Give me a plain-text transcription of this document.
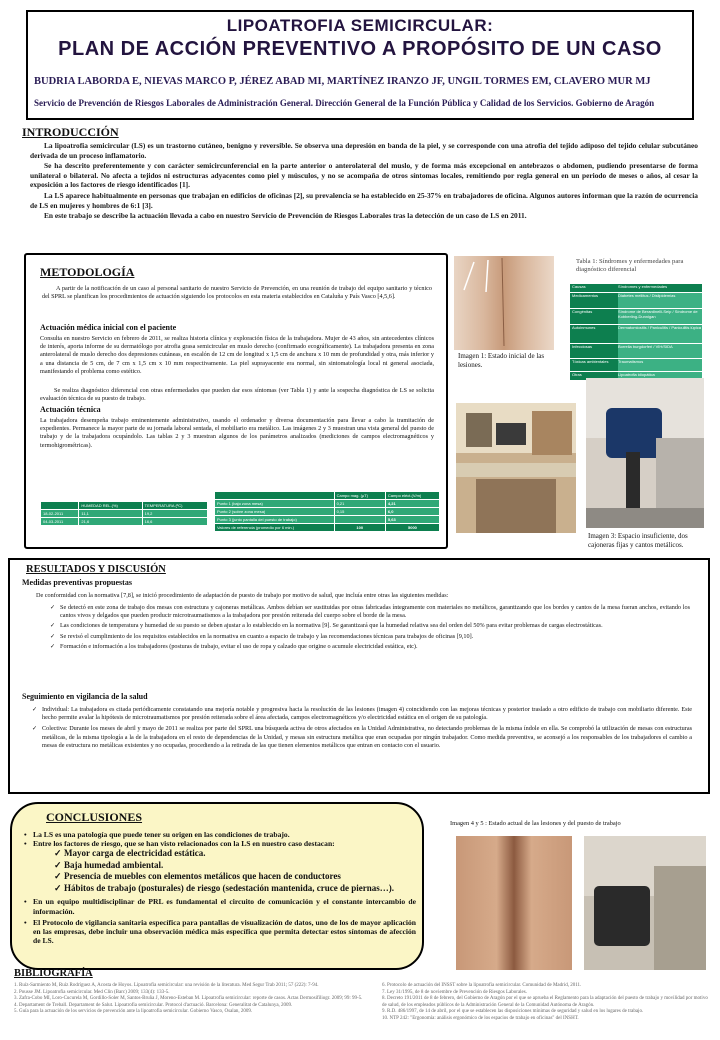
LIPOATROFIA SEMICIRCULAR:
PLAN DE ACCIÓN PREVENTIVO A PROPÓSITO DE UN CASO
BUDRIA LABORDA E, NIEVAS MARCO P, JÉREZ ABAD MI, MARTÍNEZ IRANZO JF, UNGIL TORMES EM, CLAVERO MUR MJ
Servicio de Prevención de Riesgos Laborales de Administración General. Dirección General de la Función Pública y Calidad de los Servicios. Gobierno de Aragón
INTRODUCCIÓN

La lipoatrofia semicircular (LS) es un trastorno cutáneo, benigno y reversible. Se observa una depresión en banda de la piel, y se corresponde con una atrofia del tejido adiposo del tejido celular subcutáneo derivada de un proceso inflamatorio.

Se ha descrito preferentemente y con carácter semicircunferencial en la parte anterior o anterolateral del muslo, y de forma más excepcional en antebrazos o abdomen, pudiendo presentarse de forma unilateral o bilateral. No afecta a tejidos ni estructuras adyacentes como piel y músculos, y no se acompaña de otros síntomas locales, remitiendo por regla general en un periodo de meses o años, al cesar la exposición a los factores de riesgo identificados [1].

La LS aparece habitualmente en personas que trabajan en edificios de oficinas [2], su prevalencia se ha establecido en 25-37% en trabajadores de oficina. Algunos autores informan que la razón de ocurrencia de LS en mujeres y hombres de 6:1 [3].

En este trabajo se describe la actuación llevada a cabo en nuestro Servicio de Prevención de Riesgos Laborales tras la detección de un caso de LS en 2011.

METODOLOGÍA
A partir de la notificación de un caso al personal sanitario de nuestro Servicio de Prevención, en una reunión de trabajo del equipo sanitario y técnico del SPRL se planifican los procedimientos de actuación siguiendo los protocolos en esta materia establecidos en Cataluña y País Vasco [4,5,6].
Actuación médica inicial con el paciente
Consulta en nuestro Servicio en febrero de 2011, se realiza historia clínica y exploración física de la trabajadora. Mujer de 43 años, sin antecedentes clínicos de interés, aporta informe de su dermatólogo por atrofia grasa semicircular en muslo derecho (confirmado ecográficamente). La trabajadora presenta en zona anterolateral de muslo derecho dos depresiones cutáneas, en escalón de 12 cm de longitud x 1,5 cm de anchura x 10 mm de profundidad y otra, más inferior y a una distancia de 5 cm, de 7 cm x 1,5 cm x 10 mm respectivamente. La piel suprayacente era normal, sin sintomatología local ni general asociada, manifestando el problema como estético.
Se realiza diagnóstico diferencial con otras enfermedades que pueden dar esos síntomas (ver Tabla 1) y ante la sospecha diagnóstica de LS se solicita evaluación técnica de su puesto de trabajo.
Actuación técnica
La trabajadora desempeña trabajo eminentemente administrativo, usando el ordenador y diversa documentación para llevar a cabo la tramitación de expedientes. Permanece la mayor parte de su jornada laboral sentada, el mobiliario era metálico. Las imágenes 2 y 3 muestran una vista general del puesto de trabajo y de la trabajadora ocupándolo. Las tablas 2 y 3 muestran algunos de los parámetros analizados (mediciones de campos electromagnéticos y termohigrométricas).
	HUMEDAD REL.(%)	TEMPERATURA (ºC)
18-02-2011	11,1	19,2
04-03-2011	21,6	16,6
	Campo mag. (µT)	Campo eléct.(V/m)
Punto 1 (bajo zona mesa)	0,21	4,21
Punto 2 (sobre zona mesa)	0,15	6,0
Punto 3 (junto pantalla del puesto de trabajo)		5,63
Valores de referencia (promedio por 6 min.)	100	5000
Imagen 1: Estado inicial de las lesiones.
Tabla 1: Síndromes y enfermedades para diagnóstico diferencial
Causas	Síndromes y enfermedades
Medicamentos	Diabetes mellitus / Dislipidemias
Congénitas	Síndrome de Berardinelli-Seip / Síndrome de Kobberling-Dunnigan
Autoinmunes	Dermatomiositis / Paniculitis / Paniculitis lúpica
Infecciosas	Borrelia burgdorferi / VIH/SIDA
Tóxicas ambientales	Traumatismos
Otras	Lipoatrofia idiopática
Imagen 3: Espacio insuficiente, dos cajoneras fijas y cantos metálicos.
RESULTADOS Y DISCUSIÓN
Medidas preventivas propuestas
De conformidad con la normativa [7,8], se inició procedimiento de adaptación de puesto de trabajo por motivo de salud, que incluía entre otras las siguientes medidas:
✓ Se detectó en este zona de trabajo dos mesas con estructura y cajoneras metálicas. Ambos debían ser sustituidas por otras fabricadas íntegramente con materiales no metálicos, garantizando que los bordes y cantos de la mesa fueran anchos, evitando los cantos vivos y delgados que pueden producir microtraumatismos a la trabajadora por presión reiterada del cuerpo sobre el borde de la mesa.
✓ Las condiciones de temperatura y humedad de su puesto se deben ajustar a lo establecido en la normativa [9]. Se garantizará que la humedad relativa sea del orden del 50% para evitar problemas de cargas electrostáticas.
✓ Se revisó el cumplimiento de los requisitos establecidos en la normativa en cuanto a espacio de trabajo y las recomendaciones técnicas para trabajos de oficinas [9,10].
✓ Formación e información a los trabajadores (posturas de trabajo, evitar el uso de ropa y calzado que origine o acumule electricidad estática, etc).
Seguimiento en vigilancia de la salud
✓ Individual: La trabajadora es citada periódicamente constatando una mejoría notable y progresiva hacia la resolución de las lesiones (imagen 4) coincidiendo con las mejoras técnicas y posterior traslado a otro edificio de trabajo con mobiliario diferente. Este hecho permite avalar la hipótesis de microtraumatismos por presión reiterada sobre el área afectada, campos electromagnéticos y/o electricidad estática en el origen de su patología.
✓ Colectiva: Durante los meses de abril y mayo de 2011 se realiza por parte del SPRL una búsqueda activa de otros afectados en la Unidad Administrativa, no detectando problemas de la misma índole en ella. Se comprobó la utilización de mesas con estructuras metálicas, de la misma tipología a la de la trabajadora en el resto de dependencias de la Unidad, y mesas sin estructura metálica que eran ocupadas por ningún trabajador. Como medida preventiva, se aconsejó a los responsables de los trabajadores el cambio a mesas de estructura no metálicas existentes y no ocupadas, procediendo a la retirada de las que tienen elementos metálicos que entran en contacto con el usuario.
CONCLUSIONES
• La LS es una patología que puede tener su origen en las condiciones de trabajo.
• Entre los factores de riesgo, que se han visto relacionados con la LS en nuestro caso destacan:
✓ Mayor carga de electricidad estática.
✓ Baja humedad ambiental.
✓ Presencia de muebles con elementos metálicos que hacen de conductores
✓ Hábitos de trabajo (posturales) de riesgo (sedestación mantenida, cruce de piernas…).
• En un equipo multidisciplinar de PRL es fundamental el circuito de comunicación y el constante intercambio de información.
• El Protocolo de vigilancia sanitaria específica para pantallas de visualización de datos, uno de los de mayor aplicación en las empresas, debe incluir una observación médica más específica que permita detectar estos síntomas de afección de LS.
Imagen 4 y 5 : Estado actual de las lesiones y del puesto de trabajo
BIBLIOGRAFÍA
1. Ruíz-Sarmiento M, Ruíz Rodríguez A, Acosta de Hoyos. Lipoatrofia semicircular: una revisión de la literatura. Med Segur Trab 2011; 57 (222): 7-94.
2. Pousse JM. Lipoatrofia semicircular. Med Clin (Barc) 2009; 133(4): 133-5.
3. Zafra-Cobo MI, Loro-Cucurela M, Gordillo-Soler M, Santos-Bruña J, Moreno-Esteban M. Lipoatrofia semicircular: reporte de casos. Actas Dermosifiliogr. 2009; 99: 99-5.
4. Departament de Treball. Departament de Salut. Lipoatrofia semicircular. Protocol d'actuació. Barcelona: Generalitat de Catalunya, 2009.
5. Guía para la actuación de los servicios de prevención ante la lipoatrofia semicircular. Gobierno Vasco, Osalan, 2009.
6. Protocolo de actuación del INSST sobre la lipoatrofia semicircular. Comunidad de Madrid, 2011.
7. Ley 31/1995, de 8 de noviembre de Prevención de Riesgos Laborales.
8. Decreto 191/2011 de 8 de febrero, del Gobierno de Aragón por el que se aprueba el Reglamento para la adaptación del puesto de trabajo y movilidad por motivo de salud, de los empleados públicos de la Administración General de la Comunidad Autónoma de Aragón.
9. R.D. 486/1997, de 14 de abril, por el que se establecen las disposiciones mínimas de seguridad y salud en los lugares de trabajo.
10. NTP 242: "Ergonomía: análisis ergonómico de los espacios de trabajo en oficinas" del INSHT.
